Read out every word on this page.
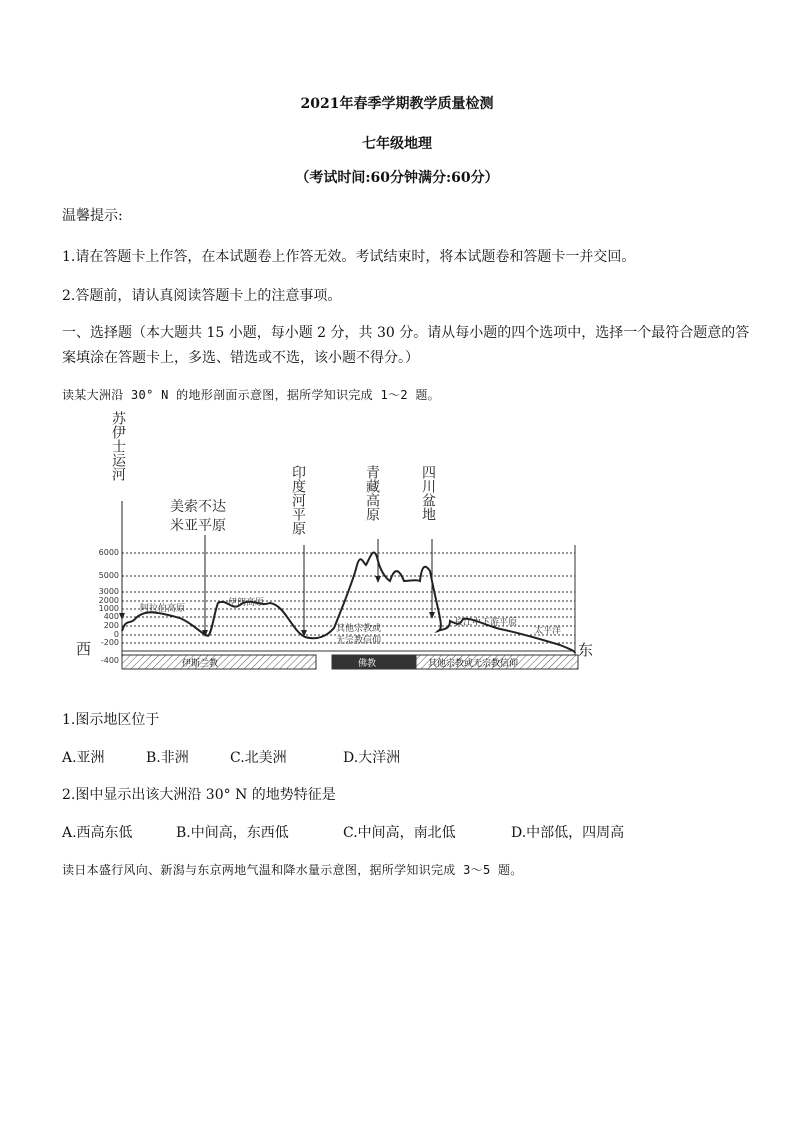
2021年春季学期教学质量检测
七年级地理
（考试时间:60分钟满分:60分）
温馨提示:
1.请在答题卡上作答，在本试题卷上作答无效。考试结束时，将本试题卷和答题卡一并交回。
2.答题前，请认真阅读答题卡上的注意事项。
一、选择题（本大题共 15 小题，每小题 2 分，共 30 分。请从每小题的四个选项中，选择一个最符合题意的答
案填涂在答题卡上，多选、错选或不选，该小题不得分。）
读某大洲沿 30° N 的地形剖面示意图，据所学知识完成 1～2 题。
6000
5000
3000
2000
1000
400
200
0
-200
-400
苏伊士运河
印度河平原	青藏高原	四川盆地
美索不达
米亚平原
阿拉伯高原
伊朗高原
其他宗教或
无宗教信仰
长江中下游平原
太平洋
西	东
伊斯兰教	佛教	其他宗教或无宗教信仰
1.图示地区位于
A.亚洲	B.非洲	C.北美洲	D.大洋洲
2.图中显示出该大洲沿 30° N 的地势特征是
A.西高东低	B.中间高，东西低	C.中间高，南北低	D.中部低，四周高
读日本盛行风向、新潟与东京两地气温和降水量示意图，据所学知识完成 3～5 题。
